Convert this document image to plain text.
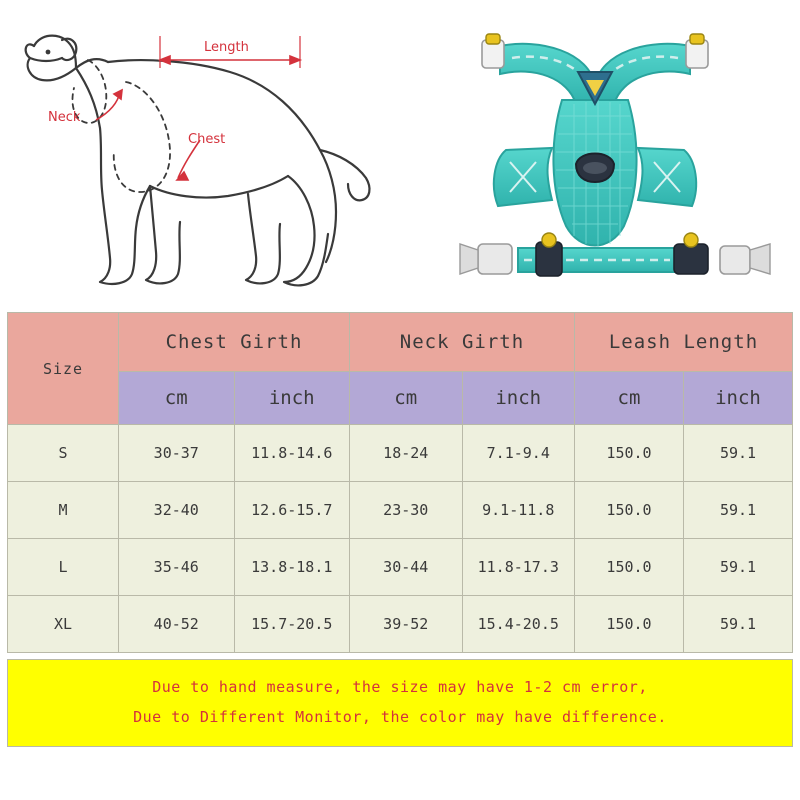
Length
Neck
Chest
Size	Chest Girth		Neck Girth		Leash Length	
	cm	inch	cm	inch	cm	inch
S	30-37	11.8-14.6	18-24	7.1-9.4	150.0	59.1
M	32-40	12.6-15.7	23-30	9.1-11.8	150.0	59.1
L	35-46	13.8-18.1	30-44	11.8-17.3	150.0	59.1
XL	40-52	15.7-20.5	39-52	15.4-20.5	150.0	59.1
Due to hand measure, the size may have 1-2 cm error,
Due to Different Monitor, the color may have difference.
